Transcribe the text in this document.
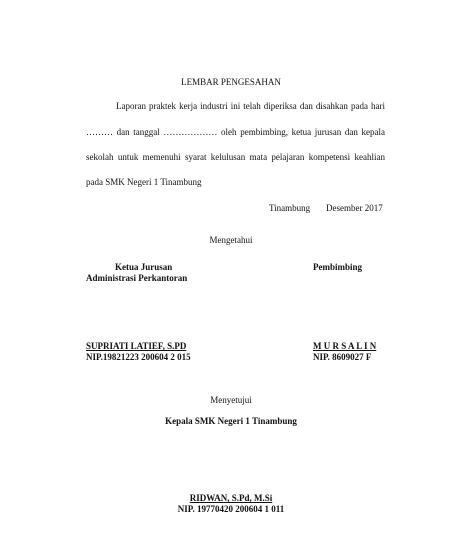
LEMBAR PENGESAHAN
Laporan praktek kerja industri ini telah diperiksa dan disahkan pada hari
……… dan tanggal ……………… oleh pembimbing, ketua jurusan dan kepala
sekolah untuk memenuhi syarat kelulusan mata pelajaran kompetensi keahlian
pada SMK Negeri 1 Tinambung
Tinambung Desember 2017
Mengetahui
Ketua Jurusan
Administrasi Perkantoran
Pembimbing
SUPRIATI LATIEF, S.PD
NIP.19821223 200604 2 015
M U R S A L I N
NIP. 8609027 F
Menyetujui
Kepala SMK Negeri 1 Tinambung
RIDWAN, S.Pd, M.Si
NIP. 19770420 200604 1 011
